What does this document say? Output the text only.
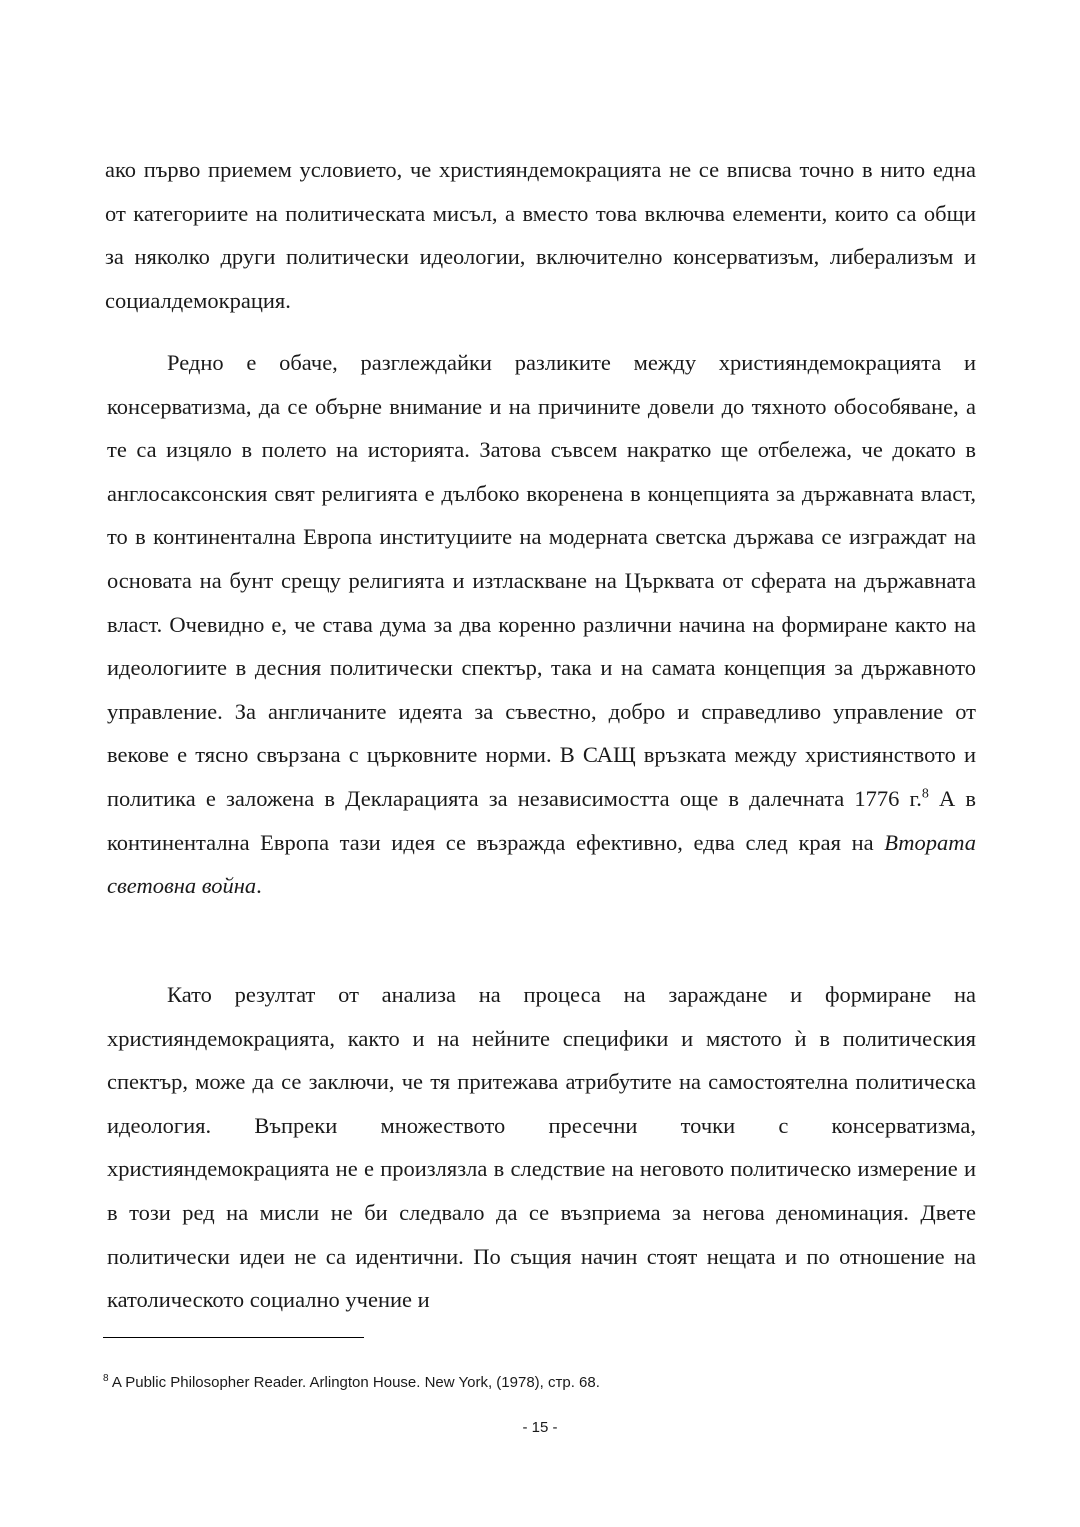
ако първо приемем условието, че християндемокрацията не се вписва точно в нито една от категориите на политическата мисъл, а вместо това включва елементи, които са общи за няколко други политически идеологии, включително консерватизъм, либерализъм и социалдемокрация.

Редно е обаче, разглеждайки разликите между християндемокрацията и консерватизма, да се обърне внимание и на причините довели до тяхното обособяване, а те са изцяло в полето на историята. Затова съвсем накратко ще отбележа, че докато в англосаксонския свят религията е дълбоко вкоренена в концепцията за държавната власт, то в континентална Европа институциите на модерната светска държава се изграждат на основата на бунт срещу религията и изтласкване на Църквата от сферата на държавната власт. Очевидно е, че става дума за два коренно различни начина на формиране както на идеологиите в десния политически спектър, така и на самата концепция за държавното управление. За англичаните идеята за съвестно, добро и справедливо управление от векове е тясно свързана с църковните норми. В САЩ връзката между християнството и политика е заложена в Декларацията за независимостта още в далечната 1776 г.$^8$ А в континентална Европа тази идея се възражда ефективно, едва след края на Втората световна война.

Като резултат от анализа на процеса на зараждане и формиране на християндемокрацията, както и на нейните специфики и мястото ѝ в политическия спектър, може да се заключи, че тя притежава атрибутите на самостоятелна политическа идеология. Въпреки множеството пресечни точки с консерватизма, християндемокрацията не е произлязла в следствие на неговото политическо измерение и в този ред на мисли не би следвало да се възприема за негова деноминация. Двете политически идеи не са идентични. По същия начин стоят нещата и по отношение на католическото социално учение и

$^8$ A Public Philosopher Reader. Arlington House. New York, (1978), стр. 68.
- 15 -
